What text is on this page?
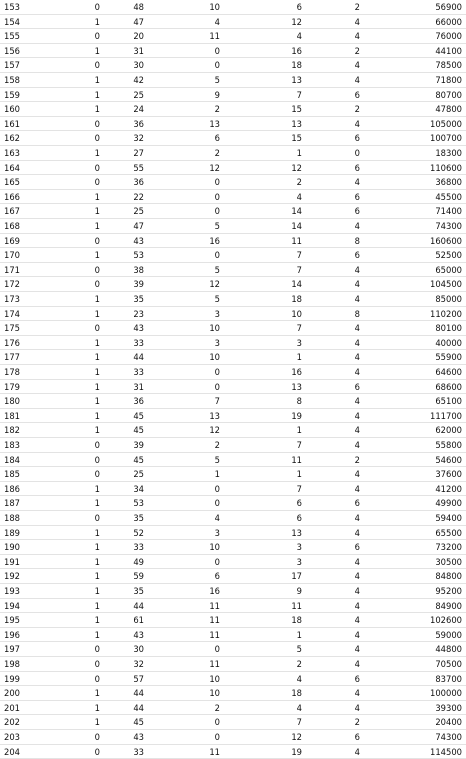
153	0	48	10	6	2	56900
154	1	47	4	12	4	66000
155	0	20	11	4	4	76000
156	1	31	0	16	2	44100
157	0	30	0	18	4	78500
158	1	42	5	13	4	71800
159	1	25	9	7	6	80700
160	1	24	2	15	2	47800
161	0	36	13	13	4	105000
162	0	32	6	15	6	100700
163	1	27	2	1	0	18300
164	0	55	12	12	6	110600
165	0	36	0	2	4	36800
166	1	22	0	4	6	45500
167	1	25	0	14	6	71400
168	1	47	5	14	4	74300
169	0	43	16	11	8	160600
170	1	53	0	7	6	52500
171	0	38	5	7	4	65000
172	0	39	12	14	4	104500
173	1	35	5	18	4	85000
174	1	23	3	10	8	110200
175	0	43	10	7	4	80100
176	1	33	3	3	4	40000
177	1	44	10	1	4	55900
178	1	33	0	16	4	64600
179	1	31	0	13	6	68600
180	1	36	7	8	4	65100
181	1	45	13	19	4	111700
182	1	45	12	1	4	62000
183	0	39	2	7	4	55800
184	0	45	5	11	2	54600
185	0	25	1	1	4	37600
186	1	34	0	7	4	41200
187	1	53	0	6	6	49900
188	0	35	4	6	4	59400
189	1	52	3	13	4	65500
190	1	33	10	3	6	73200
191	1	49	0	3	4	30500
192	1	59	6	17	4	84800
193	1	35	16	9	4	95200
194	1	44	11	11	4	84900
195	1	61	11	18	4	102600
196	1	43	11	1	4	59000
197	0	30	0	5	4	44800
198	0	32	11	2	4	70500
199	0	57	10	4	6	83700
200	1	44	10	18	4	100000
201	1	44	2	4	4	39300
202	1	45	0	7	2	20400
203	0	43	0	12	6	74300
204	0	33	11	19	4	114500
